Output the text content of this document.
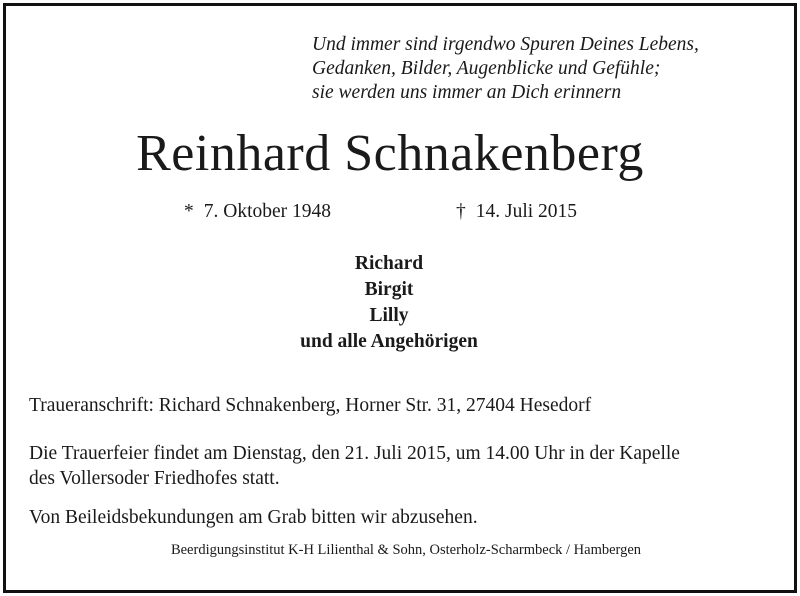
Und immer sind irgendwo Spuren Deines Lebens,
Gedanken, Bilder, Augenblicke und Gefühle;
sie werden uns immer an Dich erinnern
Reinhard Schnakenberg
* 7. Oktober 1948	† 14. Juli 2015
Richard
Birgit
Lilly
und alle Angehörigen
Traueranschrift: Richard Schnakenberg, Horner Str. 31, 27404 Hesedorf
Die Trauerfeier findet am Dienstag, den 21. Juli 2015, um 14.00 Uhr in der Kapelle
des Vollersoder Friedhofes statt.
Von Beileidsbekundungen am Grab bitten wir abzusehen.
Beerdigungsinstitut K-H Lilienthal & Sohn, Osterholz-Scharmbeck / Hambergen
